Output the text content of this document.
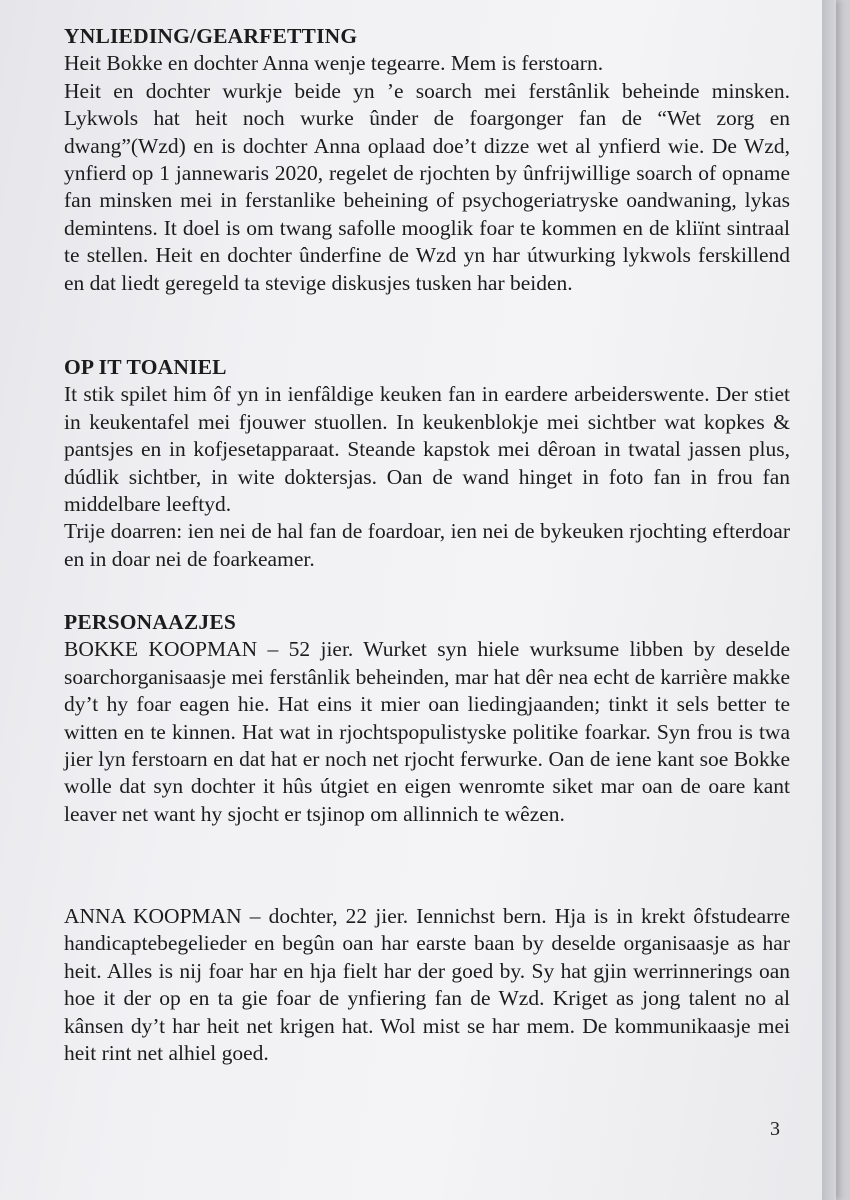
YNLIEDING/GEARFETTING

Heit Bokke en dochter Anna wenje tegearre. Mem is ferstoarn.

Heit en dochter wurkje beide yn ’e soarch mei ferstânlik beheinde minsken. Lykwols hat heit noch wurke ûnder de foargonger fan de “Wet zorg en dwang”(Wzd) en is dochter Anna oplaad doe’t dizze wet al ynfierd wie. De Wzd, ynfierd op 1 jannewaris 2020, regelet de rjochten by ûnfrijwillige soarch of opname fan minsken mei in ferstanlike beheining of psychogeriatryske oandwaning, lykas demintens. It doel is om twang safolle mooglik foar te kommen en de kliïnt sintraal te stellen. Heit en dochter ûnderfine de Wzd yn har útwurking lykwols ferskillend en dat liedt geregeld ta stevige diskusjes tusken har beiden.

OP IT TOANIEL

It stik spilet him ôf yn in ienfâldige keuken fan in eardere arbeiderswente. Der stiet in keukentafel mei fjouwer stuollen. In keukenblokje mei sichtber wat kopkes & pantsjes en in kofjesetapparaat. Steande kapstok mei dêroan in twatal jassen plus, dúdlik sichtber, in wite doktersjas. Oan de wand hinget in foto fan in frou fan middelbare leeftyd.

Trije doarren: ien nei de hal fan de foardoar, ien nei de bykeuken rjochting efterdoar en in doar nei de foarkeamer.

PERSONAAZJES

BOKKE KOOPMAN – 52 jier. Wurket syn hiele wurksume libben by deselde soarchorganisaasje mei ferstânlik beheinden, mar hat dêr nea echt de karrière makke dy’t hy foar eagen hie. Hat eins it mier oan liedingjaanden; tinkt it sels better te witten en te kinnen. Hat wat in rjochtspopulistyske politike foarkar. Syn frou is twa jier lyn ferstoarn en dat hat er noch net rjocht ferwurke. Oan de iene kant soe Bokke wolle dat syn dochter it hûs útgiet en eigen wenromte siket mar oan de oare kant leaver net want hy sjocht er tsjinop om allinnich te wêzen.

ANNA KOOPMAN – dochter, 22 jier. Iennichst bern. Hja is in krekt ôfstudearre handicaptebegelieder en begûn oan har earste baan by deselde organisaasje as har heit. Alles is nij foar har en hja fielt har der goed by. Sy hat gjin werrinnerings oan hoe it der op en ta gie foar de ynfiering fan de Wzd. Kriget as jong talent no al kânsen dy’t har heit net krigen hat. Wol mist se har mem. De kommunikaasje mei heit rint net alhiel goed.

3
